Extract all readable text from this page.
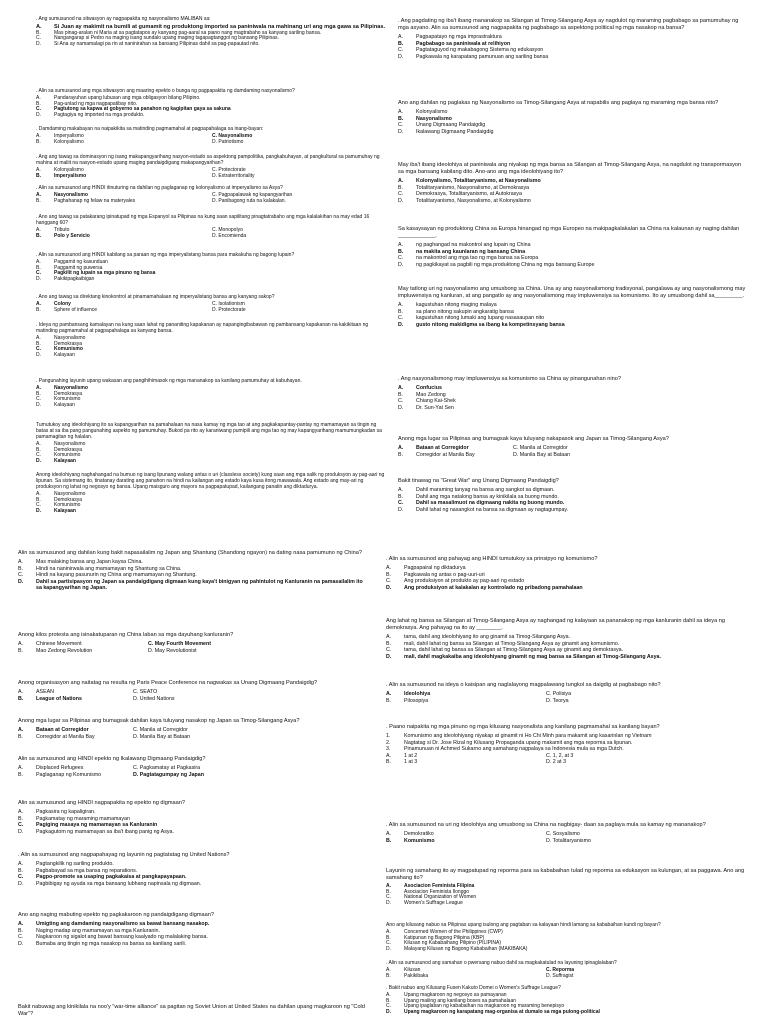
. Ang sumusunod na sitwasyon ay nagpapakita ng nasyonalismo MALIBAN sa:
A.	Si Juan ay makimit na bumili at gumamit ng produktong imported sa paniniwala na mahinang uri ang mga gawa sa Pilipinas.
B.	Mas pinag-aralan ni Maria at sa pagtatapos ay kanyang pag-aaral sa piano nang magtrabaho sa kanyang sariling bansa.
C.	Nangangarap si Pedro na maging isang sundalo upang maging tagapagtanggol ng bansang Pilipinas.
D.	Si Ana ay namamalagi pa rin at naninirahan sa bansang Pilipinas dahil sa pag-papautad nito.
. Alin sa sumusunod ang mga sitwasyon ang maaring epekto o bunga ng pagpapakita ng damdaming nasyonalismo?
A.	Pandarayuhan upang lubusan ang mga obligasyon bilang Pilipino.
B.	Pag-unlad ng mga nagpapatibay nito.
C.	Pagtutong sa kapwa at gobyerno sa panahon ng kagipitan gaya sa sakuna
D.	Pagtagiya ng imported na mga produkto.
. Damdaming makabayan na naipakikita sa matinding pagmamahal at pagpapahalaga sa inang-bayan:
A.	Imperyalismo	C. Nasyonalismo
B.	Kolonyalismo	D. Patriotismo
. Ang ang tawag sa dominasyon ng isang makapangyarihang nasyon-estado sa aspektong pampolitika, pangkabuhayan, at pangkultural sa pamumuhay ng mahina at maliit na nasyon-estado upang maging pandaigdigang makapangyarihan?
A.	Kolonyalismo	C. Protectorate
B.	Imperyalismo	D. Extraterritoriality
. Alin sa sumusunod ang HINDI itinuturing na dahilan ng paglaganap ng kolonyalismo at imperyalismo sa Asya?
A.	Nasyonalismo	C. Pagpapalawak ng kapangyarihan
B.	Paghahanap ng felaw na materyales	D. Panibagong ruta na kalakalan.
. Ano ang tawag sa patakarang ipinatupad ng mga Espanyol sa Pilipinas na kung saan sapilitang pinagtatrabaho ang mga kalalakihan na may edad 16 hanggang 60?
A.	Tributo	C. Monopolyo
B.	Polo y Servicio	D. Encomienda
. Alin sa sumusunod ang HINDI kabilang sa paraan ng mga imperyalistang bansa para makakuha ng bagong lupain?
A.	Paggamit ng kasunduan
B.	Paggamit ng puwersa
C.	Pagkilit ng lupain sa mga pinuno ng bansa
D.	Pakikipagkaibigan
. Ano ang tawag sa direktang kinokontrol at pinamamahalaan ng imperyalistang bansa ang kanyang sakop?
A.	Colony	C. Isolationism
B.	Sphere of influence	D. Protectorate
. Ideya ng pambansang kamalayan na kung saan lahat ng pananiting kapakanan ay napangingibabawan ng pambansang kapakanan na kakikitaan ng matinding pagmamahal at pagpapahalaga sa kanyang bansa.
A.	Nasyonalismo
B.	Demokrasya
C.	Komunismo
D.	Kalayaan
. Pangunahing layunin upang wakasan ang pangihihimasok ng mga mananakop sa kanilang pamumuhay at kabuhayan.
A.	Nasyonalismo
B.	Demokrasya
C.	Komunismo
D.	Kalayaan
Tumutukoy ang ideolohiyang ito sa kapangyarihan na pamahalaan na nasa kamay ng mga tao at ang pagkakapantay-pantay ng mamamayan sa tingin ng batas at sa iba pang pangunahing aspekto ng pamumuhay. Bukod pa rito ay karaniwang pumipili ang mga tao ng may kapangyarihang mamumungkadan sa pamamagitan ng halalan.
A.	Nasyonalismo
B.	Demokrasya
C.	Komunismo
D.	Kalayaan
Anong ideolohiyang naghahangad na bumuo ng isang lipunang walang antas o uri (classless society) kung saan ang mga salik ng produksyon ay pag-aari ng lipunan. Sa sistemang ito, tinatanay darating ang panahon na hindi na kailangan ang estado kaya kusa itong mawawala. Ang estado ang may-ari ng produksyon ng lahat ng negosyo ng bansa. Upang maisguro ang mayors na pagpapatupad, kailangang panatin ang diktadurya.
A.	Nasyonalismo
B.	Demokrasya
C.	Komunismo
D.	Kalayaan
. Ang pagdating ng iba't ibang mananakop sa Silangan at Timog-Silangang Asya ay nagdulot ng maraming pagbabago sa pamumuhay ng mga asyano. Alin sa sumusunod ang nagpapakita ng pagbabago sa aspektong political ng mga nasakop na bansa?
A.	Pagpapatayo ng mga imprastraktura
B.	Pagbabago sa paniniwala at relihiyon
C.	Pagtataguyod ng makabagong Sistema ng edukasyon
D.	Pagkawala ng karapatang pamunuan ang sariling bansa
Ano ang dahilan ng paglakas ng Nasyonalismo sa Timog-Silangang Asya at napabilis ang paglaya ng maraming mga bansa nito?
A.	Kolonyalismo
B.	Nasyonalismo
C.	Unang Digmaang Pandaigdig
D.	Ikalawang Digmaang Pandaigdig
May iba't ibang ideolohiya at paniniwala ang niyakap ng mga bansa sa Silangan at Timog-Silangang Asya, na nagdulot ng transpormasyon sa mga bansang kabilang dito. Ano-ano ang mga ideolohiyang ito?
A.	Kolonyalismo, Totalitaryanismo, at Nasyonalismo
B.	Totalitaryanismo, Nasyonalismo, at Demokrasya
C.	Demokrasya, Totalitaryanismo, at Autokrasya
D.	Totalitaryanismo, Nasyonalismo, at Kolonyalismo
Sa kasaysayan ng produktong China sa Europa hinangad ng mga Europeo na makipagkalakalan sa China na kalaunan ay naging dahilan ____________.
A.	ng paghangad na makontrol ang lupain ng China
B.	na makita ang kaunlaran ng bansang China
C.	na makontrol ang mga tao ng mga bansa sa Europa
D.	ng pagkikayat sa pagbili ng mga produktong China ng mga bansang Europe
May tatlong uri ng nasyonalismo ang umusbong sa China. Una ay ang nasyonalismong tradisyonal, pangalawa ay ang nasyonalismong may impluwensiya ng kanluran, at ang pangatlo ay ang nasyonalismong may impluwensiya sa komunismo. Ito ay umusbong dahil sa_________.
A.	kagustuhan nitong maging malaya
B.	sa plano nitong sakupin angkaratig bansa
C.	kagustuhan nitong lumaki ang lupang nasasaupan nito
D.	gusto nitong makidigma sa ibang ka kompetinsyang bansa
. Ang nasyonalismong may impluwensiya sa komunismo sa China ay pinangunahan nino?
A.	Confucius
B.	Mao Zedong
C.	Chiang Kai-Shek
D.	Dr. Sun-Yat Sen
Anong mga lugar sa Pilipinas ang bumagsak kaya tuluyang nakapasok ang Japan sa Timog-Silangang Asya?
A.	Bataan at Corregidor	C. Manila at Corregidor
B.	Corregidor at Manila Bay	D. Manila Bay at Bataan
Bakit tinawag na "Great War" ang Unang Digmaang Pandaigdig?
A.	Dahil maraming tanyag na bansa ang sangkot sa digmaan.
B.	Dahil ang mga natalong bansa ay kinikilala sa buong mundo.
C.	Dahil sa masalimuot na digmaang nakita ng buong mundo.
D.	Dahil lahat ng nasangkot na bansa sa digmaan ay nagtagumpay.
Alin sa sumusunod ang dahilan kung bakit napasailalim ng Japan ang Shantung (Shandong ngayon) na dating nasa pamumuno ng China?
A.	Mas malaking bansa ang Japan kaysa China.
B.	Hindi na naninirwala ang mamamayan ng Shantung sa China.
C.	Hindi na kayang pasunurin ng China ang mamamayan ng Shantung.
D.	Dahil sa partisipasyon ng Japan sa pandaigdigang digmaan kung kaya't binigyan ng pahintulot ng Kanluranin na pamasailalim ito sa kapangyarihan ng Japan.
Anong kilos protesta ang isinakatuparan ng China laban sa mga dayuhang kanluranin?
A.	Chinese Movement	C. May Fourth Movement
B.	Mao Zedong Revolution	D. May Revolutionist
Anong organisasyon ang naitatag na resulta ng Paris Peace Conference na nagwakas sa Unang Digmaang Pandaigdig?
A.	ASEAN	C. SEATO
B.	League of Nations	D. United Nations
Anong mga lugar sa Pilipinas ang bumagsak dahilan kaya tuluyang nasakop ng Japan sa Timog-Silangang Asya?
A.	Bataan at Corregidor	C. Manila at Corregidor
B.	Corregidor at Manila Bay	D. Manila Bay at Bataan
Alin sa sumusunod ang HINDI epekto ng Ikalawang Digmaang Pandaigdig?
A.	Displaced Refugees	C. Pagkamatay at Pagkasira
B.	Paglaganap ng Komunismo	D. Pagtatagumpay ng Japan
Alin sa sumusunod ang HINDI nagpapakita ng epekto ng digmaan?
A.	Pagkasira ng kapaligiran.
B.	Pagkamatay ng maraming mamamayan
C.	Pagiging masaya ng mamamayan sa Kanluranin
D.	Pagkagutom ng mamamayan sa iba't ibang panig ng Asya.
. Alin sa sumusunod ang nagpapahayag ng layunin ng pagtatatag ng United Nations?
A.	Pagtangkilik ng sariling produkto.
B.	Pagbabayad sa mga bansa ng reparations.
C.	Pagpo-promote sa usaping pagkakaisa at pangkapayapaan.
D.	Pagbibigay ng ayuda sa mga bansang lubhang napinsala ng digmaan.
Ano ang naging mabuting epekto ng pagkakaroon ng pandaigdigang digmaan?
A.	Umigting ang damdaming nasyonalismo sa bawat bansang nasakop.
B.	Naging madap ang mamamayan sa mga Kanluranin.
C.	Nagkaroon ng sigalot ang bawat bansang kaalyado ng malalaking bansa.
D.	Bumaba ang tingin ng mga nasakop na bansa sa kanilang sarili.
Bakit nabuwag ang kinikilala na noo'y "war-time alliance" sa pagitan ng Soviet Union at United States na dahilan upang magkaroon ng "Cold War"?
. Alin sa sumusunod ang pahayag ang HINDI tumutukoy sa prinsipyo ng komunismo?
A.	Pagpapairal ng diktadurya
B.	Pagkawala ng antas o pag-uuri-uri
C.	Ang produksiyon at produkto ay pag-aari ng estado
D.	Ang produksiyon at kalakalan ay kontrolado ng pribadong pamahalaan
Ang lahat ng bansa sa Silangan at Timog-Silangang Asya ay naghangad ng kalayaan sa pananakop ng mga kanluranin dahil sa ideya ng demokrasya. Ang pahayag na ito ay ________.
A.	tama, dahil ang ideolohiyang ito ang ginamit sa Timog-Silangang Asya.
B.	mali, dahil lahat ng bansa sa Silangan at Timog-Silangang Asya ay ginamit ang komunismo.
C.	tama, dahil lahat ng bansa sa Silangan at Timog-Silangang Asya ay ginamit ang demokrasya.
D.	mali, dahil magkakaiba ang ideolohiyang ginamit ng mag bansa sa Silangan at Timog-Silangang Asya.
. Alin sa sumusunod na ideya o kaisipan ang naglalayong magpalawang tungkol sa daigdig at pagbabago nito?
A.	Ideolohiya	C. Polisiya
B.	Pilosopiya	D. Teorya
. Paano naipakita ng mga pinuno ng mga kilusang nasyonalista ang kanilang pagmamahal sa kanilang bayan?
1.	Komunismo ang ideolohiyang niyakap at ginamit ni Ho Chi Minh para makamit ang kasarinlan ng Vietnam
2.	Nagtatag si Dr. Jose Rizal ng Kilusang Propaganda upang makamit ang mga reporma sa lipunan.
3.	Pinamunuan ni Achmed Sukarno ang samahang nagpalaya sa Indonesia mula sa mga Dutch.
A.	1 at 2	C. 1, 2, at 3
B.	1 at 3	D. 2 at 3
. Alin sa sumusunod na uri ng ideolohiya ang umusbong sa China na nagbigay- daan sa paglaya mula sa kamay ng mananakop?
A.	Demokratiko	C. Sosyalismo
B.	Komunismo	D. Totalitaryanismo
Layunin ng samahang ito ay magpatupad ng reporma para sa kababaihan tulad ng reporma sa edukasyon sa kulungan, at sa paggawa. Ano ang samahang ito?
A.	Asociacion Feminista Filipina
B.	Asociacion Feminista Ilonggo
C.	National Organization of Women
D.	Women's Suffrage League
Ano ang kilusang nabuo sa Pilipinas upang isulong ang pagtaban sa kalayaan hindi lamang sa kababaihan kundi ng bayan?
A.	Concerned Women of the Philippines (CWP)
B.	Katipunan ng Bagong Pilipina (KBP)
C.	Kilusan ng Kababaihang Pilipino (PILIPINA)
D.	Malayang Kilusan ng Bagong Kababaihan (MAKIBAKA)
. Alin sa sumusunod ang samahan o pwersang nabuo dahil sa magkakatulad na layuning ipinaglalaban?
A.	Kilusan	C. Reporma
B.	Pakikibaka	D. Suffragist
. Bakit nabuo ang Kilusang Fusen Kakuto Domei o Women's Suffrage League?
A.	Upang magkaroon ng negosyo sa pamayanan
B.	Upang maiiing ang kanilang boses sa pamahalaan
C.	Upang ipaglaban ng kababaihan na magkaroon ng maraming benepisyo
D.	Upang magkaroon ng karapatang mag-organisa at dumalo sa mga pulong-political
